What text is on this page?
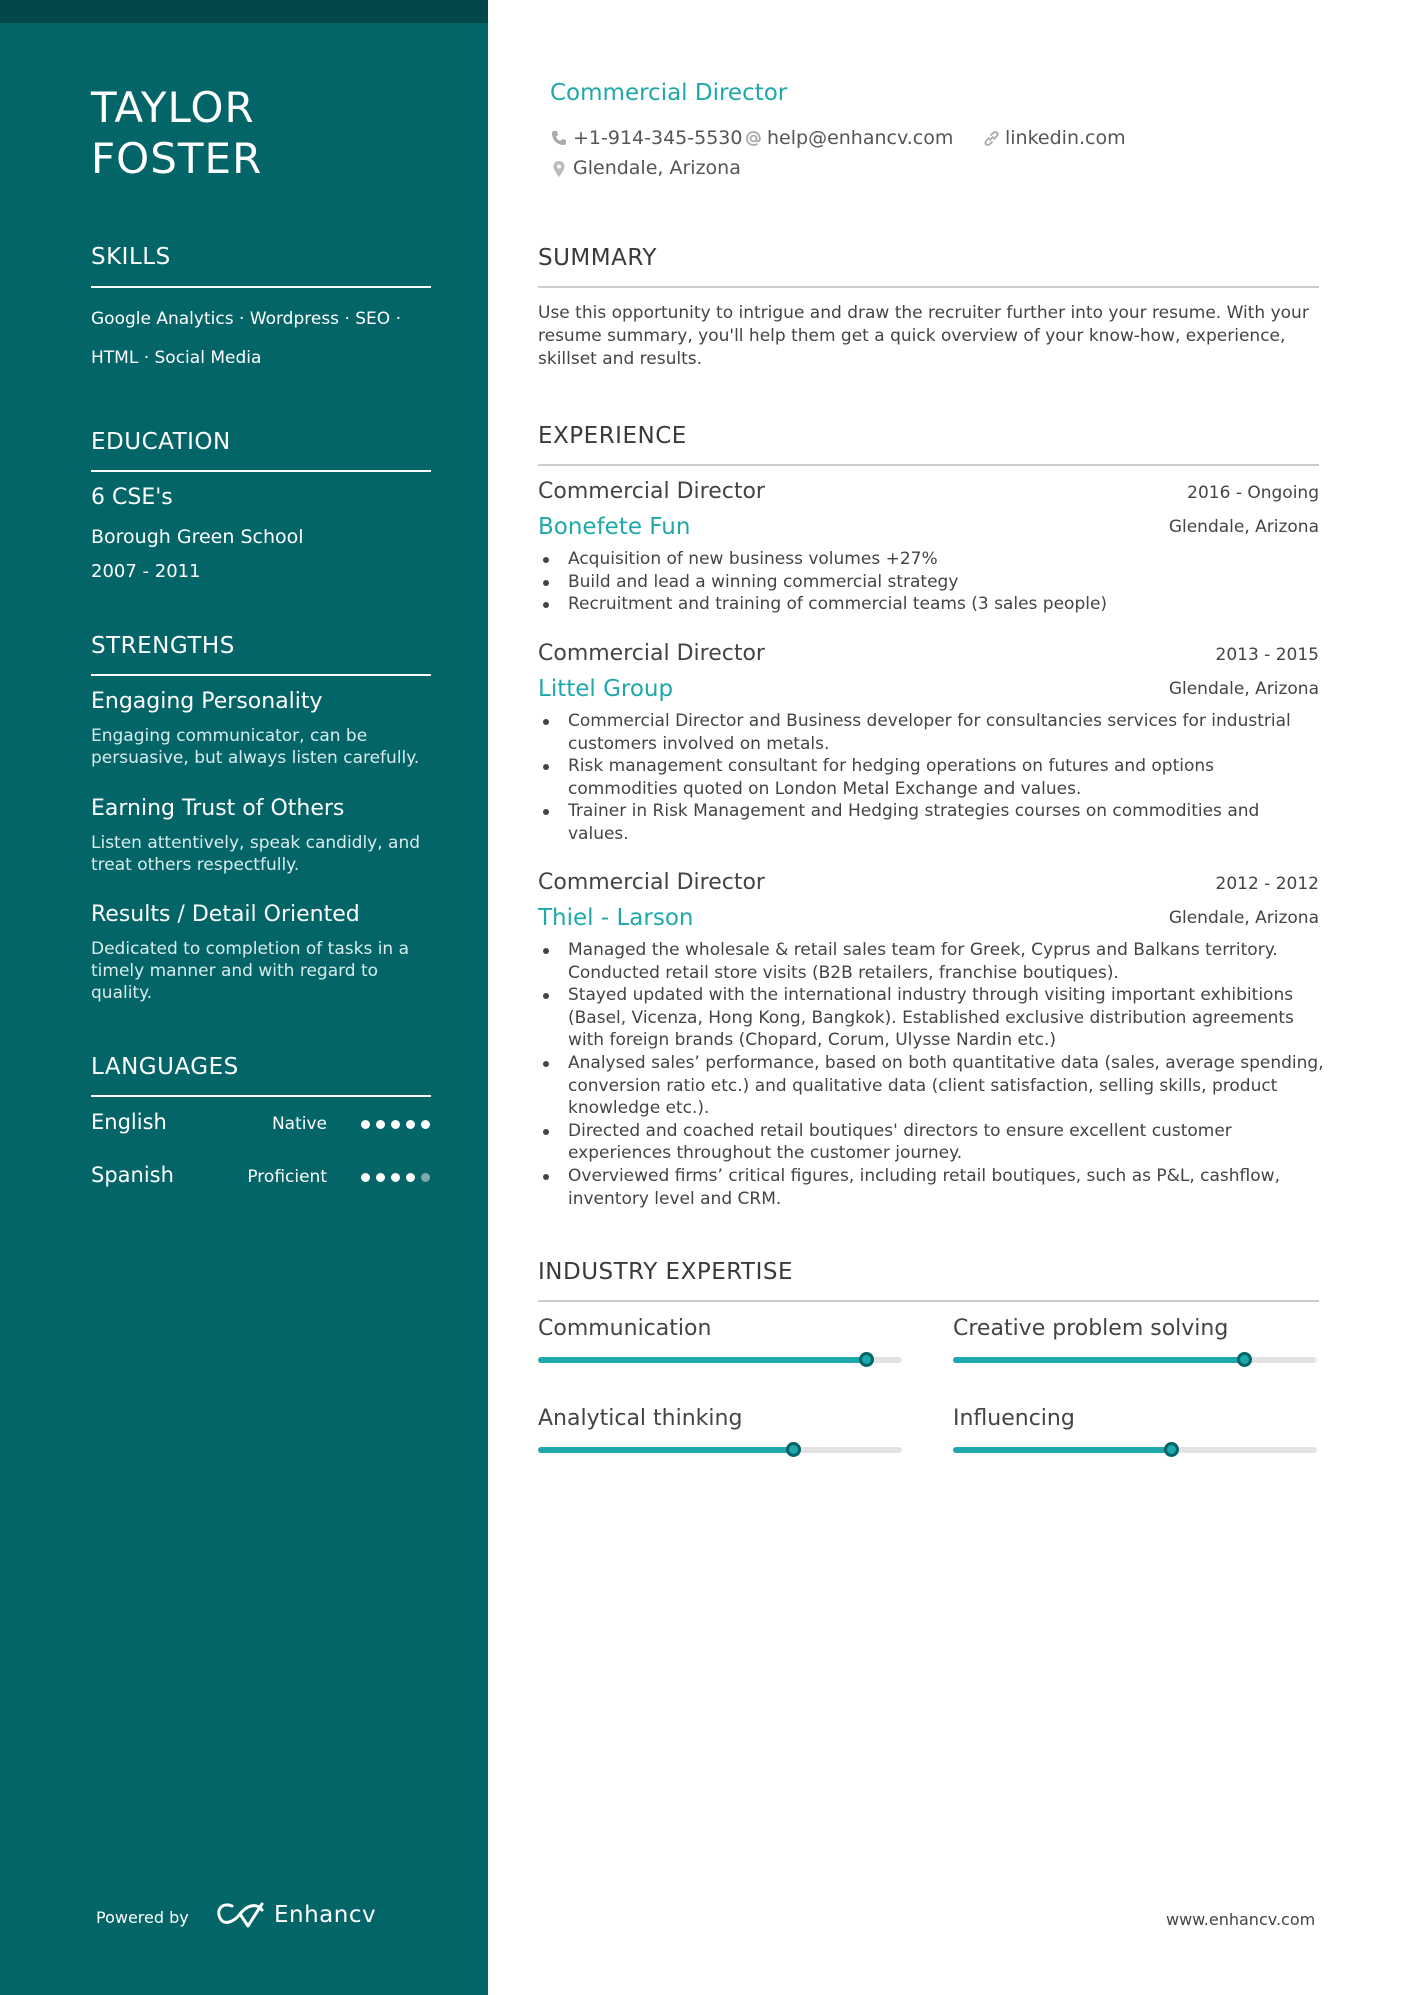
TAYLOR
FOSTER
SKILLS
Google Analytics · Wordpress · SEO ·
HTML · Social Media
EDUCATION
6 CSE's
Borough Green School
2007 - 2011
STRENGTHS
Engaging Personality
Engaging communicator, can be
persuasive, but always listen carefully.
Earning Trust of Others
Listen attentively, speak candidly, and
treat others respectfully.
Results / Detail Oriented
Dedicated to completion of tasks in a
timely manner and with regard to
quality.
LANGUAGES
English	Native
Spanish	Proficient
Powered by	Enhancv
Commercial Director
+1-914-345-5530 help@enhancv.com	linkedin.com
Glendale, Arizona
SUMMARY
Use this opportunity to intrigue and draw the recruiter further into your resume. With your
resume summary, you'll help them get a quick overview of your know-how, experience,
skillset and results.
EXPERIENCE
Commercial Director	2016 - Ongoing
Bonefete Fun	Glendale, Arizona
Acquisition of new business volumes +27%
Build and lead a winning commercial strategy
Recruitment and training of commercial teams (3 sales people)
Commercial Director	2013 - 2015
Littel Group	Glendale, Arizona
Commercial Director and Business developer for consultancies services for industrial customers involved on metals.
Risk management consultant for hedging operations on futures and options commodities quoted on London Metal Exchange and values.
Trainer in Risk Management and Hedging strategies courses on commodities and values.
Commercial Director	2012 - 2012
Thiel - Larson	Glendale, Arizona
Managed the wholesale & retail sales team for Greek, Cyprus and Balkans territory. Conducted retail store visits (B2B retailers, franchise boutiques).
Stayed updated with the international industry through visiting important exhibitions (Basel, Vicenza, Hong Kong, Bangkok). Established exclusive distribution agreements with foreign brands (Chopard, Corum, Ulysse Nardin etc.)
Analysed sales’ performance, based on both quantitative data (sales, average spending, conversion ratio etc.) and qualitative data (client satisfaction, selling skills, product knowledge etc.).
Directed and coached retail boutiques' directors to ensure excellent customer experiences throughout the customer journey.
Overviewed firms’ critical figures, including retail boutiques, such as P&L, cashflow, inventory level and CRM.
INDUSTRY EXPERTISE
Communication	Creative problem solving
Analytical thinking	Influencing
www.enhancv.com
